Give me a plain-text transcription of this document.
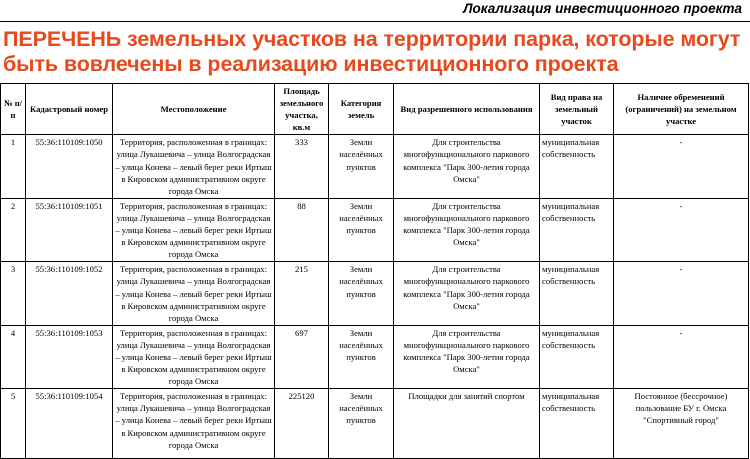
Локализация инвестиционного проекта
ПЕРЕЧЕНЬ земельных участков на территории парка, которые могут быть вовлечены в реализацию инвестиционного проекта
№ п/п	Кадастровый номер	Местоположение	Площадь земельного участка, кв.м	Категория земель	Вид разрешенного использования	Вид права на земельный участок	Наличие обременений (ограничений) на земельном участке
1	55:36:110109:1050	Территория, расположенная в границах: улица Лукашевича – улица Волгоградская – улица Конева – левый берег реки Иртыш в Кировском административном округе города Омска	333	Земли населённых пунктов	Для строительства многофункционального паркового комплекса "Парк 300-летия города Омска"	муниципальная собственность	-
2	55:36:110109:1051	Территория, расположенная в границах: улица Лукашевича – улица Волгоградская – улица Конева – левый берег реки Иртыш в Кировском административном округе города Омска	88	Земли населённых пунктов	Для строительства многофункционального паркового комплекса "Парк 300-летия города Омска"	муниципальная собственность	-
3	55:36:110109:1052	Территория, расположенная в границах: улица Лукашевича – улица Волгоградская – улица Конева – левый берег реки Иртыш в Кировском административном округе города Омска	215	Земли населённых пунктов	Для строительства многофункционального паркового комплекса "Парк 300-летия города Омска"	муниципальная собственность	-
4	55:36:110109:1053	Территория, расположенная в границах: улица Лукашевича – улица Волгоградская – улица Конева – левый берег реки Иртыш в Кировском административном округе города Омска	697	Земли населённых пунктов	Для строительства многофункционального паркового комплекса "Парк 300-летия города Омска"	муниципальная собственность	-
5	55:36:110109:1054	Территория, расположенная в границах: улица Лукашевича – улица Волгоградская – улица Конева – левый берег реки Иртыш в Кировском административном округе города Омска	225120	Земли населённых пунктов	Площадки для занятий спортом	муниципальная собственность	Постоянное (бессрочное) пользование БУ г. Омска "Спортивный город"
